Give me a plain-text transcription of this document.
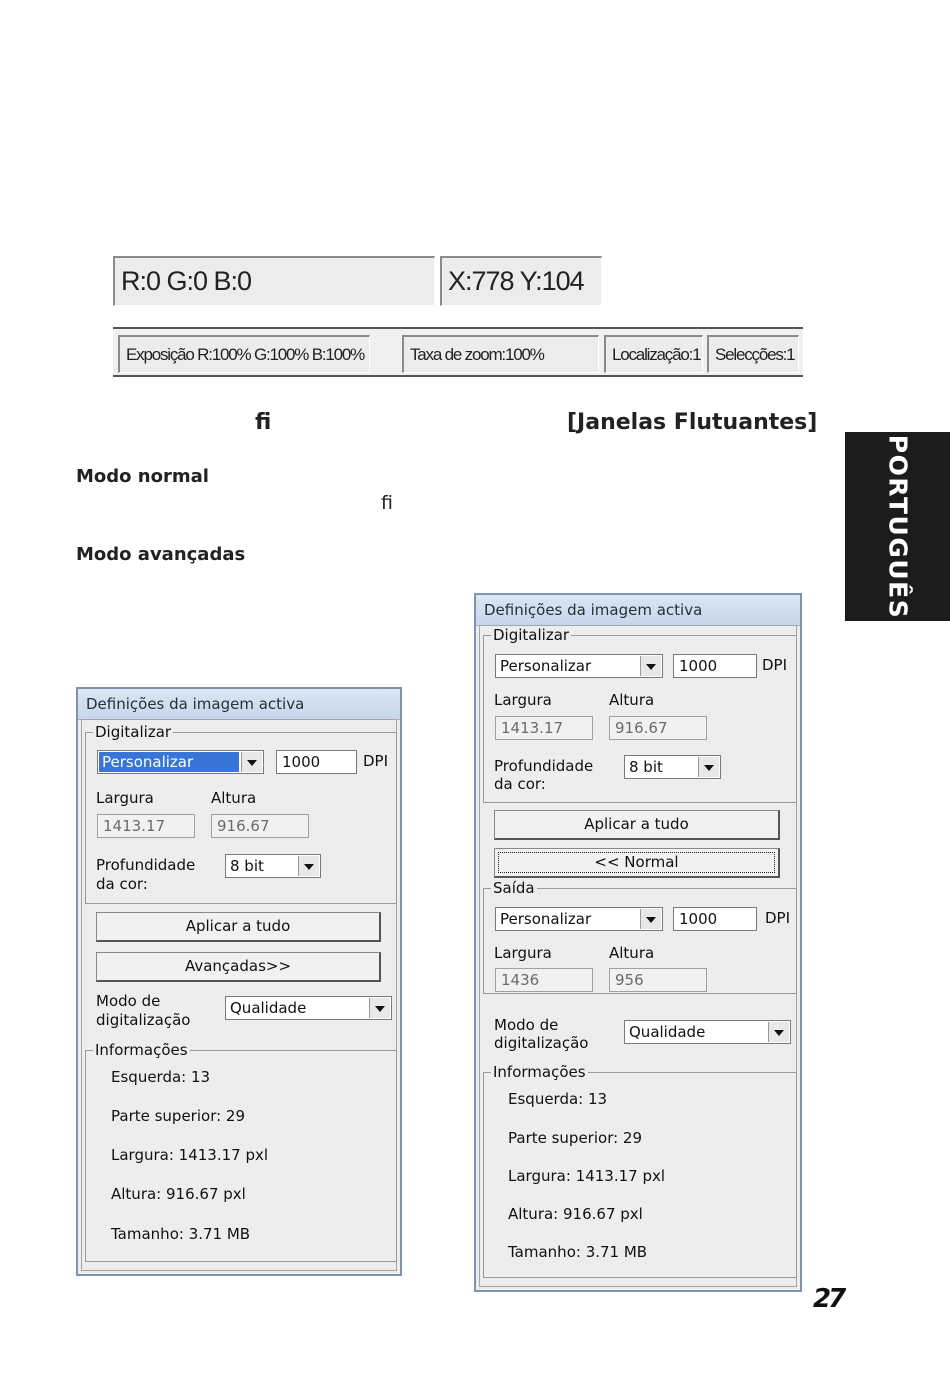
R:0 G:0 B:0	X:778 Y:104
Exposição R:100% G:100% B:100%	Taxa de zoom:100%	Localização:1 Selecções:1
ﬁ	[Janelas Flutuantes]
Modo normal
ﬁ
Modo avançadas	PORTUGUÊS
Definições da imagem activa
Digitalizar
Personalizar	1000	DPI
Largura	Altura
1413.17	916.67
Profundidade
da cor:
8 bit
Aplicar a tudo
Avançadas>>
Modo de
digitalização
Qualidade
Informações
Esquerda: 13
Parte superior: 29
Largura: 1413.17 pxl
Altura: 916.67 pxl
Tamanho: 3.71 MB
Definições da imagem activa
Digitalizar
Personalizar	1000	DPI
Largura	Altura
1413.17	916.67
Profundidade
da cor:
8 bit
Aplicar a tudo
<< Normal
Saída
Personalizar	1000	DPI
Largura	Altura
1436	956
Modo de
digitalização
Qualidade
Informações
Esquerda: 13
Parte superior: 29
Largura: 1413.17 pxl
Altura: 916.67 pxl
Tamanho: 3.71 MB
27
